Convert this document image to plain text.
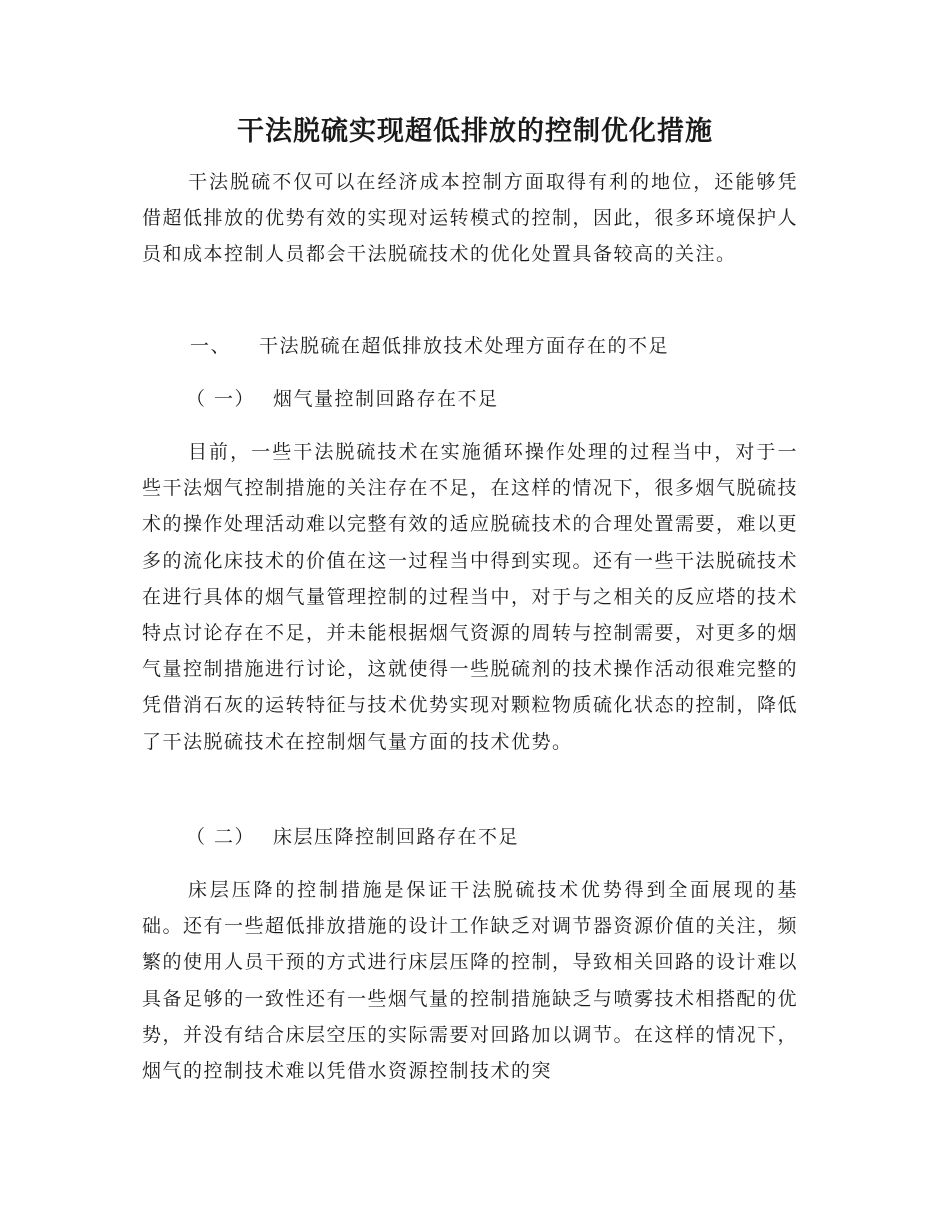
干法脱硫实现超低排放的控制优化措施

干法脱硫不仅可以在经济成本控制方面取得有利的地位，还能够凭借超低排放的优势有效的实现对运转模式的控制，因此，很多环境保护人员和成本控制人员都会干法脱硫技术的优化处置具备较高的关注。

一、 干法脱硫在超低排放技术处理方面存在的不足
（ 一） 烟气量控制回路存在不足

目前，一些干法脱硫技术在实施循环操作处理的过程当中，对于一些干法烟气控制措施的关注存在不足，在这样的情况下，很多烟气脱硫技术的操作处理活动难以完整有效的适应脱硫技术的合理处置需要，难以更多的流化床技术的价值在这一过程当中得到实现。还有一些干法脱硫技术在进行具体的烟气量管理控制的过程当中，对于与之相关的反应塔的技术特点讨论存在不足，并未能根据烟气资源的周转与控制需要，对更多的烟气量控制措施进行讨论，这就使得一些脱硫剂的技术操作活动很难完整的凭借消石灰的运转特征与技术优势实现对颗粒物质硫化状态的控制，降低了干法脱硫技术在控制烟气量方面的技术优势。

（ 二） 床层压降控制回路存在不足

床层压降的控制措施是保证干法脱硫技术优势得到全面展现的基础。还有一些超低排放措施的设计工作缺乏对调节器资源价值的关注，频繁的使用人员干预的方式进行床层压降的控制，导致相关回路的设计难以具备足够的一致性还有一些烟气量的控制措施缺乏与喷雾技术相搭配的优势，并没有结合床层空压的实际需要对回路加以调节。在这样的情况下，烟气的控制技术难以凭借水资源控制技术的突
